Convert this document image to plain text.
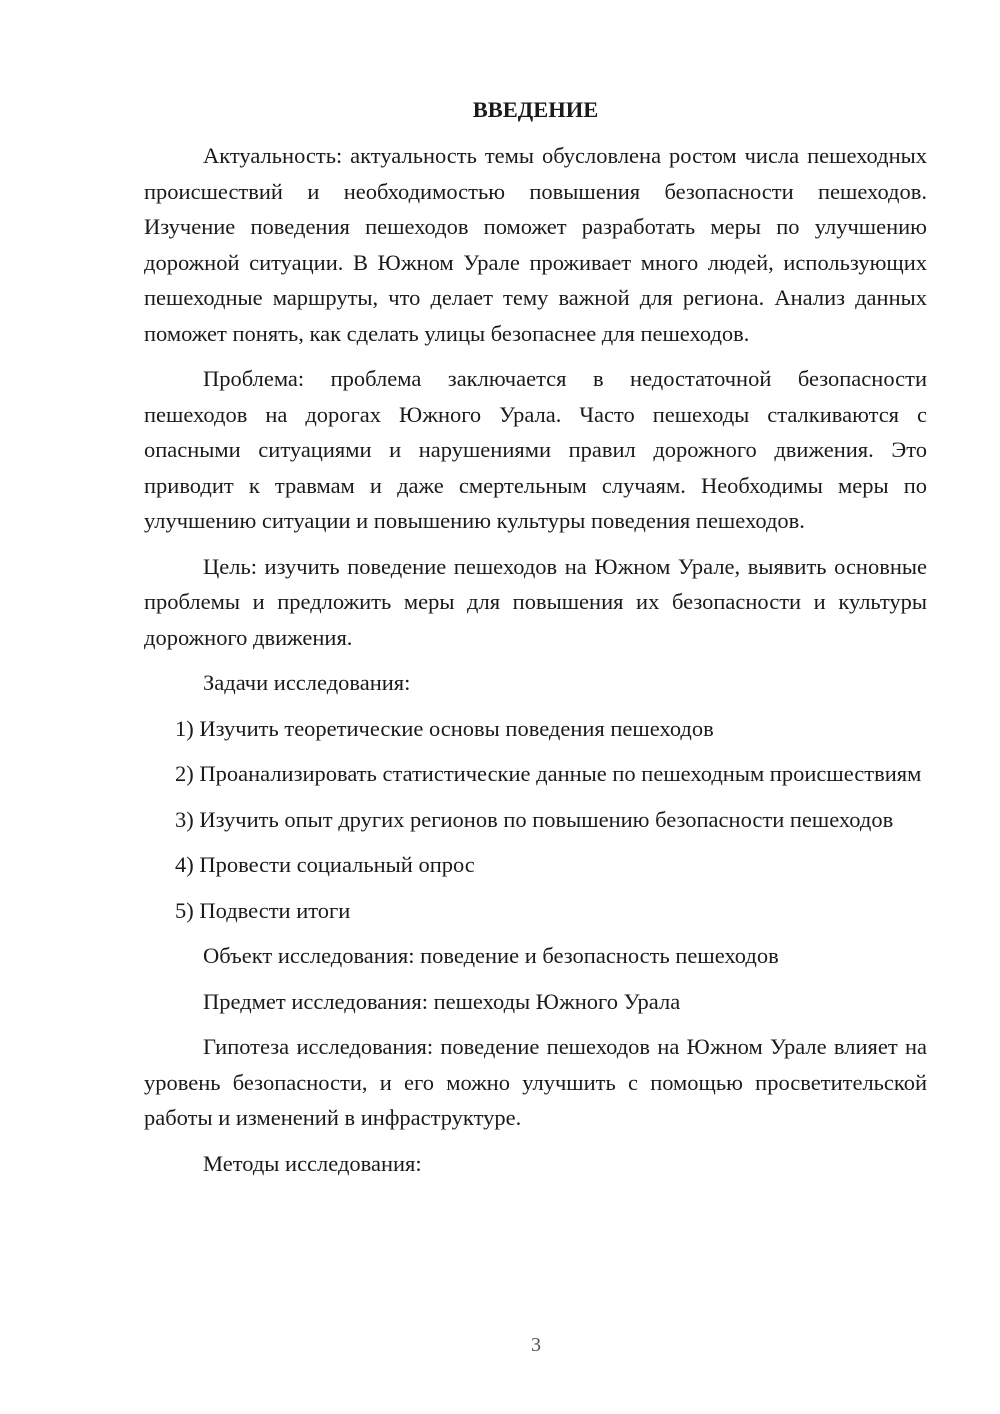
ВВЕДЕНИЕ

Актуальность: актуальность темы обусловлена ростом числа пешеходных происшествий и необходимостью повышения безопасности пешеходов. Изучение поведения пешеходов поможет разработать меры по улучшению дорожной ситуации. В Южном Урале проживает много людей, использующих пешеходные маршруты, что делает тему важной для региона. Анализ данных поможет понять, как сделать улицы безопаснее для пешеходов.

Проблема: проблема заключается в недостаточной безопасности пешеходов на дорогах Южного Урала. Часто пешеходы сталкиваются с опасными ситуациями и нарушениями правил дорожного движения. Это приводит к травмам и даже смертельным случаям. Необходимы меры по улучшению ситуации и повышению культуры поведения пешеходов.

Цель: изучить поведение пешеходов на Южном Урале, выявить основные проблемы и предложить меры для повышения их безопасности и культуры дорожного движения.

Задачи исследования:

1) Изучить теоретические основы поведения пешеходов

2) Проанализировать статистические данные по пешеходным происшествиям

3) Изучить опыт других регионов по повышению безопасности пешеходов

4) Провести социальный опрос

5) Подвести итоги

Объект исследования: поведение и безопасность пешеходов

Предмет исследования: пешеходы Южного Урала

Гипотеза исследования: поведение пешеходов на Южном Урале влияет на уровень безопасности, и его можно улучшить с помощью просветительской работы и изменений в инфраструктуре.

Методы исследования:

3
